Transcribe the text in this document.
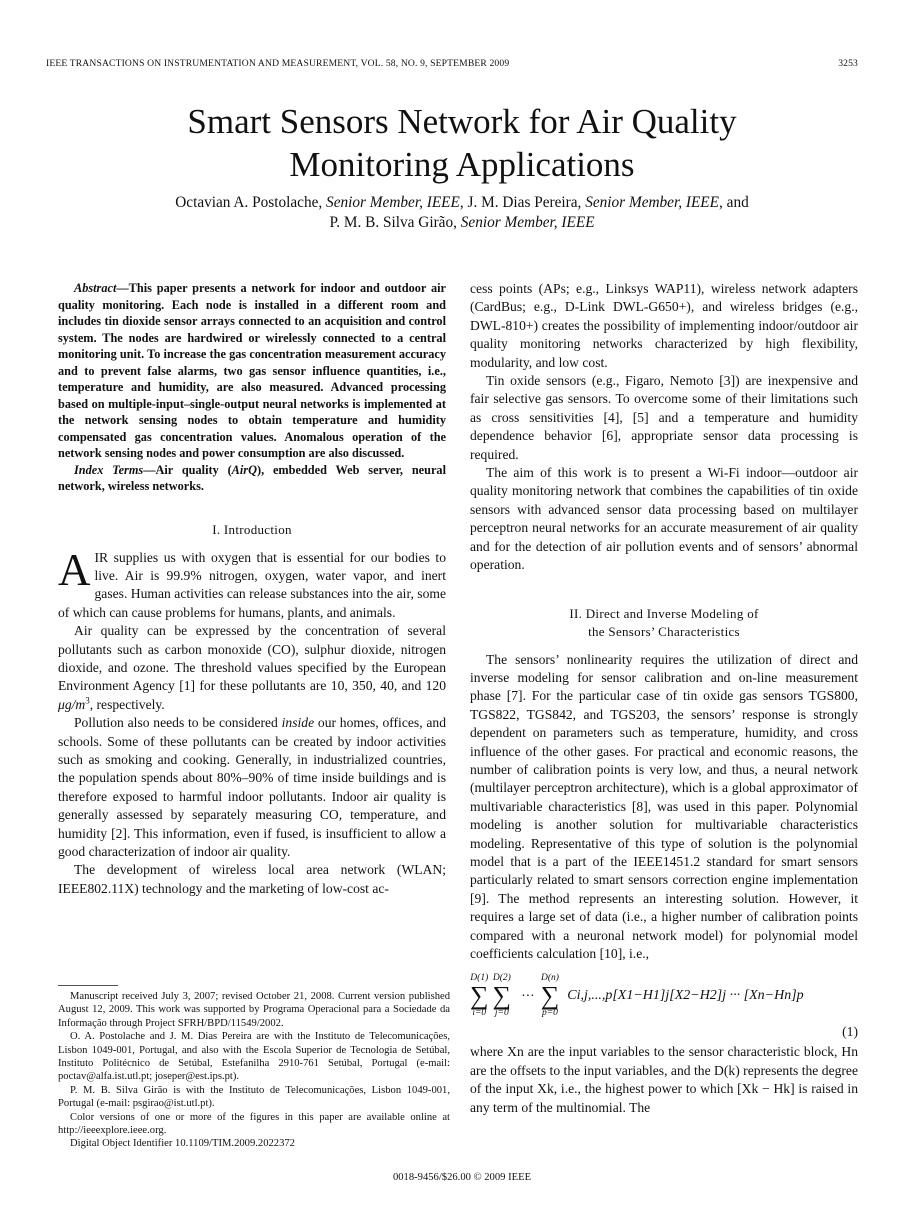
IEEE TRANSACTIONS ON INSTRUMENTATION AND MEASUREMENT, VOL. 58, NO. 9, SEPTEMBER 2009	3253
Smart Sensors Network for Air Quality
Monitoring Applications
Octavian A. Postolache, Senior Member, IEEE, J. M. Dias Pereira, Senior Member, IEEE, and
P. M. B. Silva Girão, Senior Member, IEEE

Abstract—This paper presents a network for indoor and outdoor air quality monitoring. Each node is installed in a different room and includes tin dioxide sensor arrays connected to an acquisition and control system. The nodes are hardwired or wirelessly connected to a central monitoring unit. To increase the gas concentration measurement accuracy and to prevent false alarms, two gas sensor influence quantities, i.e., temperature and humidity, are also measured. Advanced processing based on multiple-input–single-output neural networks is implemented at the network sensing nodes to obtain temperature and humidity compensated gas concentration values. Anomalous operation of the network sensing nodes and power consumption are also discussed.

Index Terms—Air quality (AirQ), embedded Web server, neural network, wireless networks.

I. Introduction

AIR supplies us with oxygen that is essential for our bodies to live. Air is 99.9% nitrogen, oxygen, water vapor, and inert gases. Human activities can release substances into the air, some of which can cause problems for humans, plants, and animals.

Air quality can be expressed by the concentration of several pollutants such as carbon monoxide (CO), sulphur dioxide, nitrogen dioxide, and ozone. The threshold values specified by the European Environment Agency [1] for these pollutants are 10, 350, 40, and 120 $\mu g/m^3$, respectively.

Pollution also needs to be considered inside our homes, offices, and schools. Some of these pollutants can be created by indoor activities such as smoking and cooking. Generally, in industrialized countries, the population spends about 80%–90% of time inside buildings and is therefore exposed to harmful indoor pollutants. Indoor air quality is generally assessed by separately measuring CO, temperature, and humidity [2]. This information, even if fused, is insufficient to allow a good characterization of indoor air quality.

The development of wireless local area network (WLAN; IEEE802.11X) technology and the marketing of low-cost ac-

Manuscript received July 3, 2007; revised October 21, 2008. Current version published August 12, 2009. This work was supported by Programa Operacional para a Sociedade da Informação through Project SFRH/BPD/11549/2002.

O. A. Postolache and J. M. Dias Pereira are with the Instituto de Telecomunicações, Lisbon 1049-001, Portugal, and also with the Escola Superior de Tecnologia de Setúbal, Instituto Politécnico de Setúbal, Estefanilha 2910-761 Setúbal, Portugal (e-mail: poctav@alfa.ist.utl.pt; joseper@est.ips.pt).

P. M. B. Silva Girão is with the Instituto de Telecomunicações, Lisbon 1049-001, Portugal (e-mail: psgirao@ist.utl.pt).

Color versions of one or more of the figures in this paper are available online at http://ieeexplore.ieee.org.

Digital Object Identifier 10.1109/TIM.2009.2022372

cess points (APs; e.g., Linksys WAP11), wireless network adapters (CardBus; e.g., D-Link DWL-G650+), and wireless bridges (e.g., DWL-810+) creates the possibility of implementing indoor/outdoor air quality monitoring networks characterized by high flexibility, modularity, and low cost.

Tin oxide sensors (e.g., Figaro, Nemoto [3]) are inexpensive and fair selective gas sensors. To overcome some of their limitations such as cross sensitivities [4], [5] and a temperature and humidity dependence behavior [6], appropriate sensor data processing is required.

The aim of this work is to present a Wi-Fi indoor—outdoor air quality monitoring network that combines the capabilities of tin oxide sensors with advanced sensor data processing based on multilayer perceptron neural networks for an accurate measurement of air quality and for the detection of air pollution events and of sensors’ abnormal operation.

II. Direct and Inverse Modeling of
the Sensors’ Characteristics

The sensors’ nonlinearity requires the utilization of direct and inverse modeling for sensor calibration and on-line measurement phase [7]. For the particular case of tin oxide gas sensors TGS800, TGS822, TGS842, and TGS203, the sensors’ response is strongly dependent on parameters such as temperature, humidity, and cross influence of the other gases. For practical and economic reasons, the number of calibration points is very low, and thus, a neural network (multilayer perceptron architecture), which is a global approximator of multivariable characteristics [8], was used in this paper. Polynomial modeling is another solution for multivariable characteristics modeling. Representative of this type of solution is the polynomial model that is a part of the IEEE1451.2 standard for smart sensors particularly related to smart sensors correction engine implementation [9]. The method represents an interesting solution. However, it requires a large set of data (i.e., a higher number of calibration points compared with a neuronal network model) for polynomial model coefficients calculation [10], i.e.,

D(1)
∑
i=0
D(2)
∑
j=0
···
D(n)
∑
p=0
Ci,j,...,p[X1−H1]j[X2−H2]j ··· [Xn−Hn]p
(1)

where Xn are the input variables to the sensor characteristic block, Hn are the offsets to the input variables, and the D(k) represents the degree of the input Xk, i.e., the highest power to which [Xk − Hk] is raised in any term of the multinomial. The

0018-9456/$26.00 © 2009 IEEE
